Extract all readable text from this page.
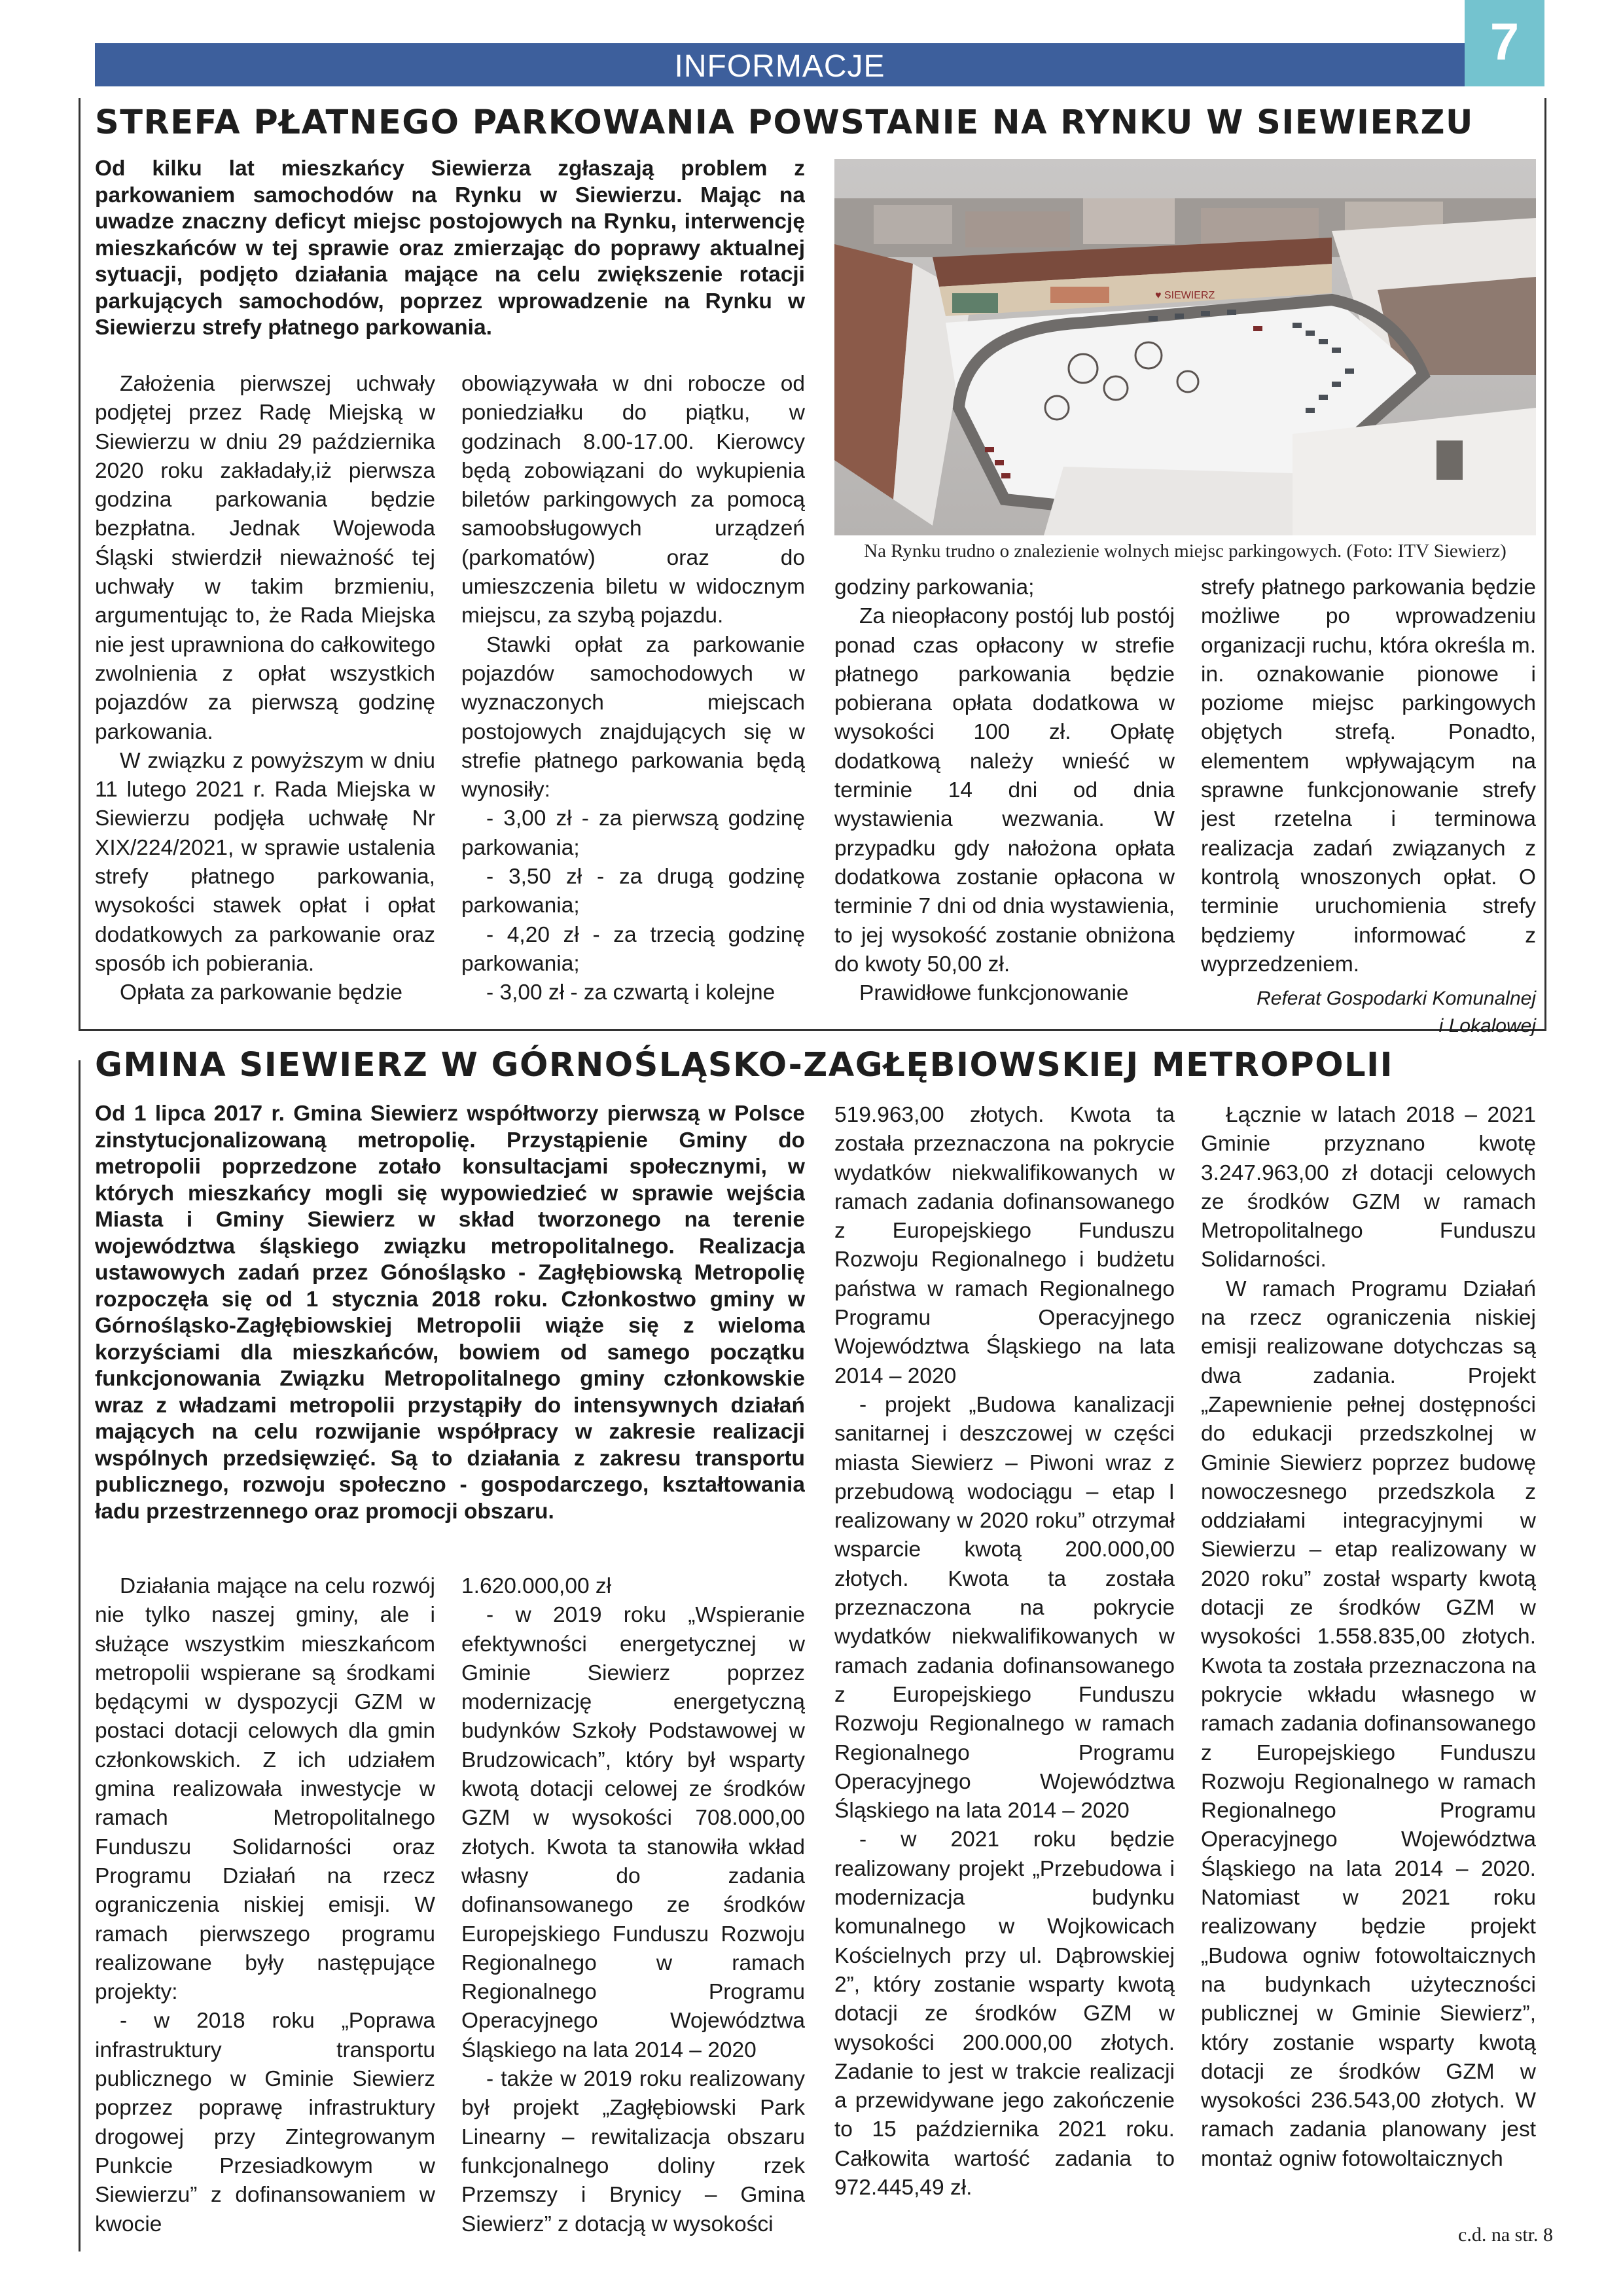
INFORMACJE	7
STREFA PŁATNEGO PARKOWANIA POWSTANIE NA RYNKU W SIEWIERZU
Od kilku lat mieszkańcy Siewierza zgłaszają problem z parkowaniem samochodów na Rynku w Siewierzu. Mając na uwadze znaczny deficyt miejsc postojowych na Rynku, interwencję mieszkańców w tej sprawie oraz zmierzając do poprawy aktualnej sytuacji, podjęto działania mające na celu zwiększenie rotacji parkujących samochodów, poprzez wprowadzenie na Rynku w Siewierzu strefy płatnego parkowania.

Założenia pierwszej uchwały podjętej przez Radę Miejską w Siewierzu w dniu 29 października 2020 roku zakładały,iż pierwsza godzina parkowania będzie bezpłatna. Jednak Wojewoda Śląski stwierdził nieważność tej uchwały w takim brzmieniu, argumentując to, że Rada Miejska nie jest uprawniona do całkowitego zwolnienia z opłat wszystkich pojazdów za pierwszą godzinę parkowania.

W związku z powyższym w dniu 11 lutego 2021 r. Rada Miejska w Siewierzu podjęła uchwałę Nr XIX/224/2021, w sprawie ustalenia strefy płatnego parkowania, wysokości stawek opłat i opłat dodatkowych za parkowanie oraz sposób ich pobierania.

Opłata za parkowanie będzie

obowiązywała w dni robocze od poniedziałku do piątku, w godzinach 8.00-17.00. Kierowcy będą zobowiązani do wykupienia biletów parkingowych za pomocą samoobsługowych urządzeń (parkomatów) oraz do umieszczenia biletu w widocznym miejscu, za szybą pojazdu.

Stawki opłat za parkowanie pojazdów samochodowych w wyznaczonych miejscach postojowych znajdujących się w strefie płatnego parkowania będą wynosiły:

- 3,00 zł - za pierwszą godzinę parkowania;

- 3,50 zł - za drugą godzinę parkowania;

- 4,20 zł - za trzecią godzinę parkowania;

- 3,00 zł - za czwartą i kolejne

♥ SIEWIERZ
Na Rynku trudno o znalezienie wolnych miejsc parkingowych. (Foto: ITV Siewierz)

godziny parkowania;

Za nieopłacony postój lub postój ponad czas opłacony w strefie płatnego parkowania będzie pobierana opłata dodatkowa w wysokości 100 zł. Opłatę dodatkową należy wnieść w terminie 14 dni od dnia wystawienia wezwania. W przypadku gdy nałożona opłata dodatkowa zostanie opłacona w terminie 7 dni od dnia wystawienia, to jej wysokość zostanie obniżona do kwoty 50,00 zł.

Prawidłowe funkcjonowanie

strefy płatnego parkowania będzie możliwe po wprowadzeniu organizacji ruchu, która określa m. in. oznakowanie pionowe i poziome miejsc parkingowych objętych strefą. Ponadto, elementem wpływającym na sprawne funkcjonowanie strefy jest rzetelna i terminowa realizacja zadań związanych z kontrolą wnoszonych opłat. O terminie uruchomienia strefy będziemy informować z wyprzedzeniem.

Referat Gospodarki Komunalnej
i Lokalowej
GMINA SIEWIERZ W GÓRNOŚLĄSKO-ZAGŁĘBIOWSKIEJ METROPOLII
Od 1 lipca 2017 r. Gmina Siewierz współtworzy pierwszą w Polsce zinstytucjonalizowaną metropolię. Przystąpienie Gminy do metropolii poprzedzone zotało konsultacjami społecznymi, w których mieszkańcy mogli się wypowiedzieć w sprawie wejścia Miasta i Gminy Siewierz w skład tworzonego na terenie województwa śląskiego związku metropolitalnego. Realizacja ustawowych zadań przez Gónośląsko - Zagłębiowską Metropolię rozpoczęła się od 1 stycznia 2018 roku. Członkostwo gminy w Górnośląsko-Zagłębiowskiej Metropolii wiąże się z wieloma korzyściami dla mieszkańców, bowiem od samego początku funkcjonowania Związku Metropolitalnego gminy członkowskie wraz z władzami metropolii przystąpiły do intensywnych działań mających na celu rozwijanie współpracy w zakresie realizacji wspólnych przedsięwzięć. Są to działania z zakresu transportu publicznego, rozwoju społeczno - gospodarczego, kształtowania ładu przestrzennego oraz promocji obszaru.

Działania mające na celu rozwój nie tylko naszej gminy, ale i służące wszystkim mieszkańcom metropolii wspierane są środkami będącymi w dyspozycji GZM w postaci dotacji celowych dla gmin członkowskich. Z ich udziałem gmina realizowała inwestycje w ramach Metropolitalnego Funduszu Solidarności oraz Programu Działań na rzecz ograniczenia niskiej emisji. W ramach pierwszego programu realizowane były następujące projekty:

- w 2018 roku „Poprawa infrastruktury transportu publicznego w Gminie Siewierz poprzez poprawę infrastruktury drogowej przy Zintegrowanym Punkcie Przesiadkowym w Siewierzu” z dofinansowaniem w kwocie

1.620.000,00 zł

- w 2019 roku „Wspieranie efektywności energetycznej w Gminie Siewierz poprzez modernizację energetyczną budynków Szkoły Podstawowej w Brudzowicach”, który był wsparty kwotą dotacji celowej ze środków GZM w wysokości 708.000,00 złotych. Kwota ta stanowiła wkład własny do zadania dofinansowanego ze środków Europejskiego Funduszu Rozwoju Regionalnego w ramach Regionalnego Programu Operacyjnego Województwa Śląskiego na lata 2014 – 2020

- także w 2019 roku realizowany był projekt „Zagłębiowski Park Linearny – rewitalizacja obszaru funkcjonalnego doliny rzek Przemszy i Brynicy – Gmina Siewierz” z dotacją w wysokości

519.963,00 złotych. Kwota ta została przeznaczona na pokrycie wydatków niekwalifikowanych w ramach zadania dofinansowanego z Europejskiego Funduszu Rozwoju Regionalnego i budżetu państwa w ramach Regionalnego Programu Operacyjnego Województwa Śląskiego na lata 2014 – 2020

- projekt „Budowa kanalizacji sanitarnej i deszczowej w części miasta Siewierz – Piwoni wraz z przebudową wodociągu – etap I realizowany w 2020 roku” otrzymał wsparcie kwotą 200.000,00 złotych. Kwota ta została przeznaczona na pokrycie wydatków niekwalifikowanych w ramach zadania dofinansowanego z Europejskiego Funduszu Rozwoju Regionalnego w ramach Regionalnego Programu Operacyjnego Województwa Śląskiego na lata 2014 – 2020

- w 2021 roku będzie realizowany projekt „Przebudowa i modernizacja budynku komunalnego w Wojkowicach Kościelnych przy ul. Dąbrowskiej 2”, który zostanie wsparty kwotą dotacji ze środków GZM w wysokości 200.000,00 złotych. Zadanie to jest w trakcie realizacji a przewidywane jego zakończenie to 15 października 2021 roku. Całkowita wartość zadania to 972.445,49 zł.

Łącznie w latach 2018 – 2021 Gminie przyznano kwotę 3.247.963,00 zł dotacji celowych ze środków GZM w ramach Metropolitalnego Funduszu Solidarności.

W ramach Programu Działań na rzecz ograniczenia niskiej emisji realizowane dotychczas są dwa zadania. Projekt „Zapewnienie pełnej dostępności do edukacji przedszkolnej w Gminie Siewierz poprzez budowę nowoczesnego przedszkola z oddziałami integracyjnymi w Siewierzu – etap realizowany w 2020 roku” został wsparty kwotą dotacji ze środków GZM w wysokości 1.558.835,00 złotych. Kwota ta została przeznaczona na pokrycie wkładu własnego w ramach zadania dofinansowanego z Europejskiego Funduszu Rozwoju Regionalnego w ramach Regionalnego Programu Operacyjnego Województwa Śląskiego na lata 2014 – 2020. Natomiast w 2021 roku realizowany będzie projekt „Budowa ogniw fotowoltaicznych na budynkach użyteczności publicznej w Gminie Siewierz”, który zostanie wsparty kwotą dotacji ze środków GZM w wysokości 236.543,00 złotych. W ramach zadania planowany jest montaż ogniw fotowoltaicznych

c.d. na str. 8
